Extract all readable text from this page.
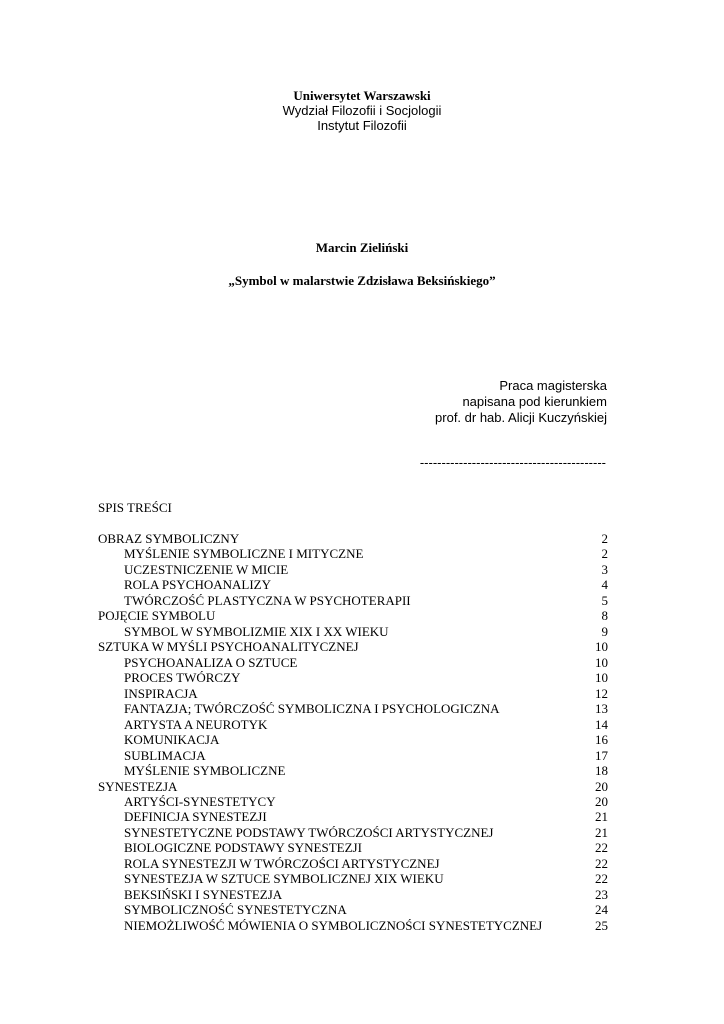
Uniwersytet Warszawski
Wydział Filozofii i Socjologii
Instytut Filozofii
Marcin Zieliński
„Symbol w malarstwie Zdzisława Beksińskiego”
Praca magisterska
napisana pod kierunkiem
prof. dr hab. Alicji Kuczyńskiej
-------------------------------------------
SPIS TREŚCI
OBRAZ SYMBOLICZNY	2
MYŚLENIE SYMBOLICZNE I MITYCZNE	2
UCZESTNICZENIE W MICIE	3
ROLA PSYCHOANALIZY	4
TWÓRCZOŚĆ PLASTYCZNA W PSYCHOTERAPII	5
POJĘCIE SYMBOLU	8
SYMBOL W SYMBOLIZMIE XIX I XX WIEKU	9
SZTUKA W MYŚLI PSYCHOANALITYCZNEJ	10
PSYCHOANALIZA O SZTUCE	10
PROCES TWÓRCZY	10
INSPIRACJA	12
FANTAZJA; TWÓRCZOŚĆ SYMBOLICZNA I PSYCHOLOGICZNA	13
ARTYSTA A NEUROTYK	14
KOMUNIKACJA	16
SUBLIMACJA	17
MYŚLENIE SYMBOLICZNE	18
SYNESTEZJA	20
ARTYŚCI-SYNESTETYCY	20
DEFINICJA SYNESTEZJI	21
SYNESTETYCZNE PODSTAWY TWÓRCZOŚCI ARTYSTYCZNEJ	21
BIOLOGICZNE PODSTAWY SYNESTEZJI	22
ROLA SYNESTEZJI W TWÓRCZOŚCI ARTYSTYCZNEJ	22
SYNESTEZJA W SZTUCE SYMBOLICZNEJ XIX WIEKU	22
BEKSIŃSKI I SYNESTEZJA	23
SYMBOLICZNOŚĆ SYNESTETYCZNA	24
NIEMOŻLIWOŚĆ MÓWIENIA O SYMBOLICZNOŚCI SYNESTETYCZNEJ	25
